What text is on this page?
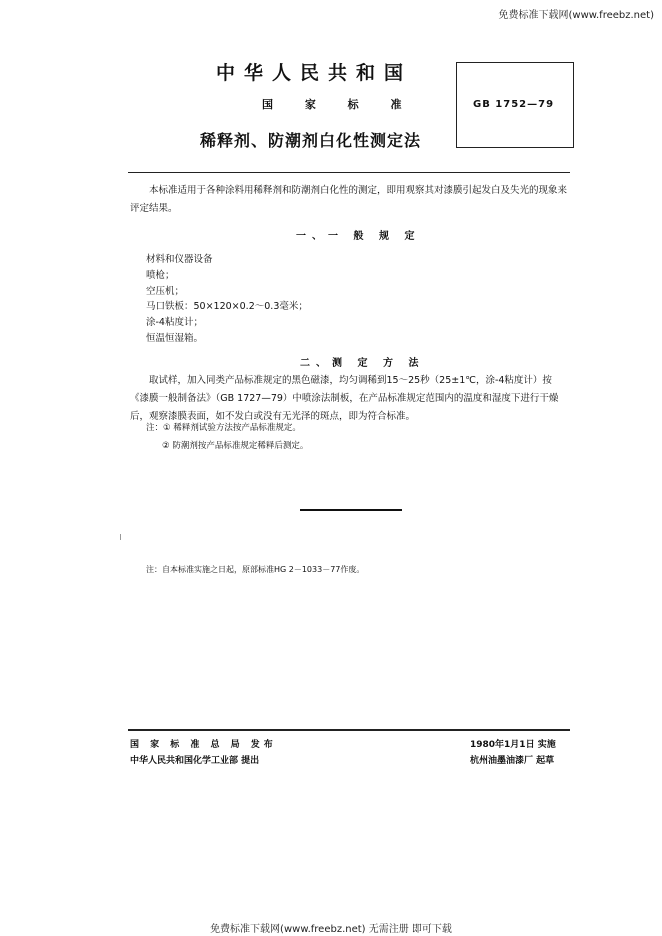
免费标准下载网(www.freebz.net)
中华人民共和国
国 家 标 准
稀释剂、防潮剂白化性测定法
GB 1752—79
本标准适用于各种涂料用稀释剂和防潮剂白化性的测定，即用观察其对漆膜引起发白及失光的现象来评定结果。
一、一 般 规 定
材料和仪器设备
喷枪；
空压机；
马口铁板：50×120×0.2～0.3毫米；
涂-4粘度计；
恒温恒湿箱。
二、测 定 方 法
取试样，加入同类产品标准规定的黑色磁漆，均匀调稀到15～25秒（25±1℃，涂-4粘度计）按《漆膜一般制备法》（GB 1727—79）中喷涂法制板，在产品标准规定范围内的温度和湿度下进行干燥后，观察漆膜表面，如不发白或没有无光泽的斑点，即为符合标准。
注：① 稀释剂试验方法按产品标准规定。
② 防潮剂按产品标准规定稀释后测定。
注：自本标准实施之日起，原部标准HG 2－1033－77作废。
国 家 标 准 总 局 发布
中华人民共和国化学工业部 提出
1980年1月1日 实施
杭州油墨油漆厂 起草
免费标准下载网(www.freebz.net) 无需注册 即可下载
